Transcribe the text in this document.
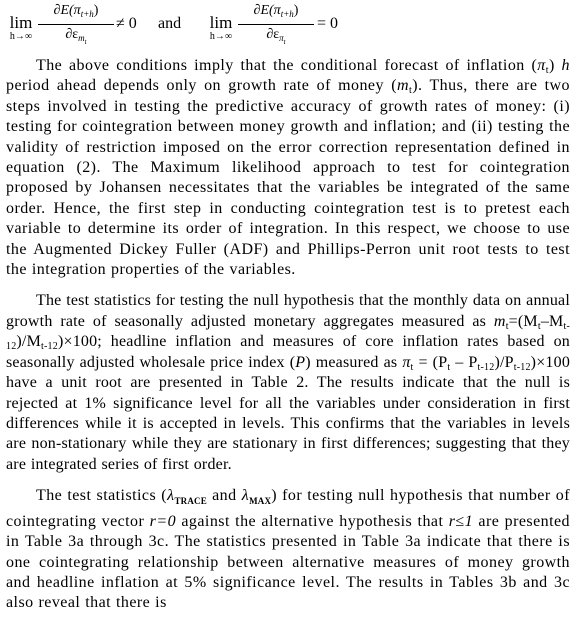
lim
h→∞
$\partial E(\pi_{t+h})$
$\partial\varepsilon_{m_t}$
≠ 0 and lim
h→∞
$\partial E(\pi_{t+h})$
$\partial\varepsilon_{\pi_t}$
= 0

The above conditions imply that the conditional forecast of inflation $(\pi_t)$ h period ahead depends only on growth rate of money $(m_t)$. Thus, there are two steps involved in testing the predictive accuracy of growth rates of money: (i) testing for cointegration between money growth and inflation; and (ii) testing the validity of restriction imposed on the error correction representation defined in equation (2). The Maximum likelihood approach to test for cointegration proposed by Johansen necessitates that the variables be integrated of the same order. Hence, the first step in conducting cointegration test is to pretest each variable to determine its order of integration. In this respect, we choose to use the Augmented Dickey Fuller (ADF) and Phillips-Perron unit root tests to test the integration properties of the variables.

The test statistics for testing the null hypothesis that the monthly data on annual growth rate of seasonally adjusted monetary aggregates measured as $m_t=(M_t-M_{t-12})/M_{t-12})\times 100$; headline inflation and measures of core inflation rates based on seasonally adjusted wholesale price index (P) measured as $\pi_t = (P_t - P_{t-12})/P_{t-12})\times 100$ have a unit root are presented in Table 2. The results indicate that the null is rejected at 1% significance level for all the variables under consideration in first differences while it is accepted in levels. This confirms that the variables in levels are non-stationary while they are stationary in first differences; suggesting that they are integrated series of first order.

The test statistics ($\lambda_{TRACE}$ and $\lambda_{MAX}$) for testing null hypothesis that number of cointegrating vector r=0 against the alternative hypothesis that r≤1 are presented in Table 3a through 3c. The statistics presented in Table 3a indicate that there is one cointegrating relationship between alternative measures of money growth and headline inflation at 5% significance level. The results in Tables 3b and 3c also reveal that there is
